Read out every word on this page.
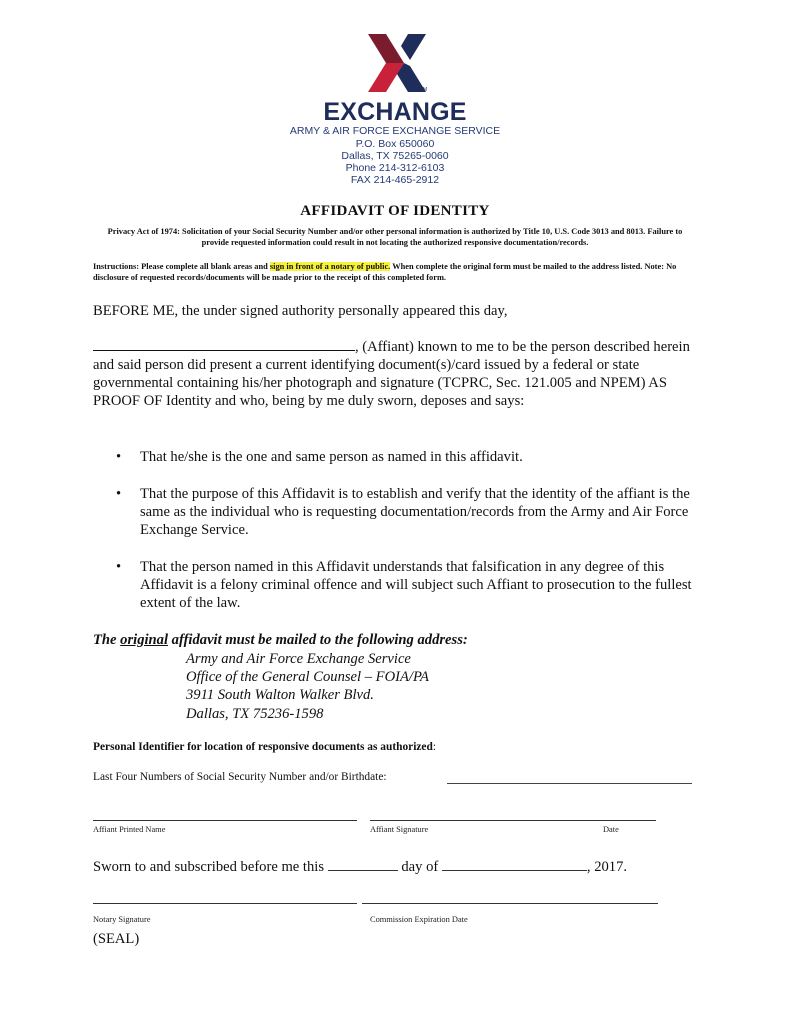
TM
EXCHANGE
ARMY & AIR FORCE EXCHANGE SERVICE
P.O. Box 650060
Dallas, TX 75265-0060
Phone 214-312-6103
FAX 214-465-2912
AFFIDAVIT OF IDENTITY
Privacy Act of 1974: Solicitation of your Social Security Number and/or other personal information is authorized by Title 10, U.S. Code 3013 and 8013. Failure to provide requested information could result in not locating the authorized responsive documentation/records.
Instructions: Please complete all blank areas and sign in front of a notary of public. When complete the original form must be mailed to the address listed. Note: No disclosure of requested records/documents will be made prior to the receipt of this completed form.
BEFORE ME, the under signed authority personally appeared this day,
, (Affiant) known to me to be the person described herein and said person did present a current identifying document(s)/card issued by a federal or state governmental containing his/her photograph and signature (TCPRC, Sec. 121.005 and NPEM) AS PROOF OF Identity and who, being by me duly sworn, deposes and says:
• That he/she is the one and same person as named in this affidavit.
• That the purpose of this Affidavit is to establish and verify that the identity of the affiant is the same as the individual who is requesting documentation/records from the Army and Air Force Exchange Service.
• That the person named in this Affidavit understands that falsification in any degree of this Affidavit is a felony criminal offence and will subject such Affiant to prosecution to the fullest extent of the law.
The original affidavit must be mailed to the following address:
Army and Air Force Exchange Service
Office of the General Counsel – FOIA/PA
3911 South Walton Walker Blvd.
Dallas, TX 75236-1598
Personal Identifier for location of responsive documents as authorized:
Last Four Numbers of Social Security Number and/or Birthdate:
Affiant Printed Name	Affiant Signature	Date
Sworn to and subscribed before me this	day of	, 2017.
Notary Signature	Commission Expiration Date
(SEAL)
